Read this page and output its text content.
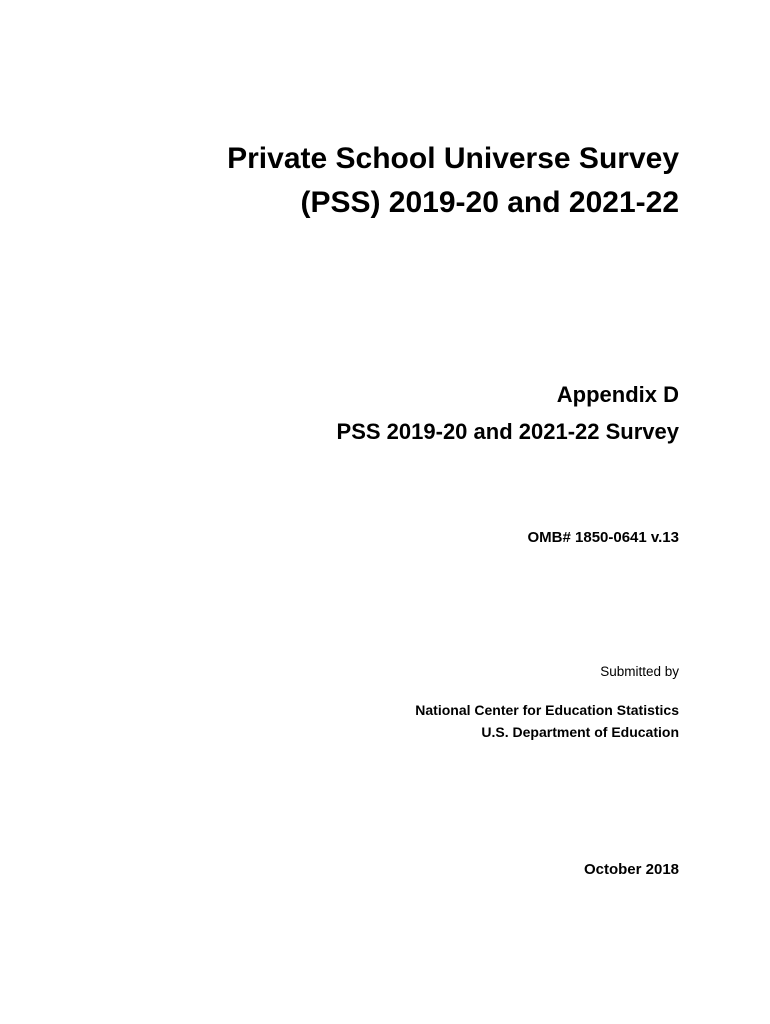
Private School Universe Survey
(PSS) 2019-20 and 2021-22
Appendix D
PSS 2019-20 and 2021-22 Survey

OMB# 1850-0641 v.13

Submitted by

National Center for Education Statistics

U.S. Department of Education

October 2018
